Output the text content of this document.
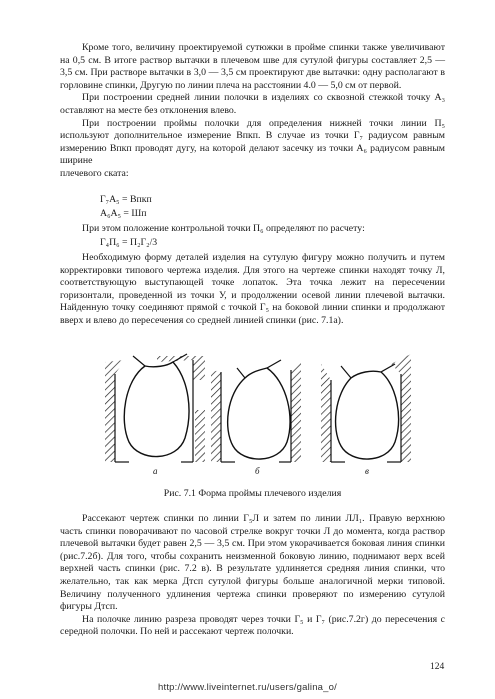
Кроме того, величину проектируемой сутюжки в пройме спинки также увеличивают на 0,5 см. В итоге раствор вытачки в плечевом шве для сутулой фигуры составляет 2,5 — 3,5 см. При растворе вытачки в 3,0 — 3,5 см проектируют две вытачки: одну располагают в горловине спинки, Другую по линии плеча на расстоянии 4.0 — 5,0 см от первой.

При построении средней линии полочки в изделиях со сквозной стежкой точку А₃ оставляют на месте без отклонения влево.

При построении проймы полочки для определения нижней точки линии П₅ используют дополнительное измерение Впкп. В случае из точки Г₇ радиусом равным измерению Впкп проводят дугу, на которой делают засечку из точки А₆ радиусом равным ширине

плечевого ската:

Г₇А₅ = Впкп
А₆А₅ = Шп

При этом положение контрольной точки П₆ определяют по расчету:

Г₄П₆ = П₂Г₂/3

Необходимую форму деталей изделия на сутулую фигуру можно получить и путем корректировки типового чертежа изделия. Для этого на чертеже спинки находят точку Л, соответствующую выступающей точке лопаток. Эта точка лежит на пересечении горизонтали, проведенной из точки У, и продолжении осевой линии плечевой вытачки. Найденную точку соединяют прямой с точкой Г₅ на боковой линии спинки и продолжают вверх и влево до пересечения со средней линией спинки (рис. 7.1а).

а	б	в
Рис. 7.1 Форма проймы плечевого изделия

Рассекают чертеж спинки по линии Г₅Л и затем по линии ЛЛ₁. Правую верхнюю часть спинки поворачивают по часовой стрелке вокруг точки Л до момента, когда раствор плечевой вытачки будет равен 2,5 — 3,5 см. При этом укорачивается боковая линия спинки (рис.7.2б). Для того, чтобы сохранить неизменной боковую линию, поднимают верх всей верхней часть спинки (рис. 7.2 в). В результате удлиняется средняя линия спинки, что желательно, так как мерка Дтсп сутулой фигуры больше аналогичной мерки типовой. Величину полученного удлинения чертежа спинки проверяют по измерению сутулой фигуры Дтсп.

На полочке линию разреза проводят через точки Г₅ и Г₇ (рис.7.2г) до пересечения с середной полочки. По ней и рассекают чертеж полочки.

124
http://www.liveinternet.ru/users/galina_o/
